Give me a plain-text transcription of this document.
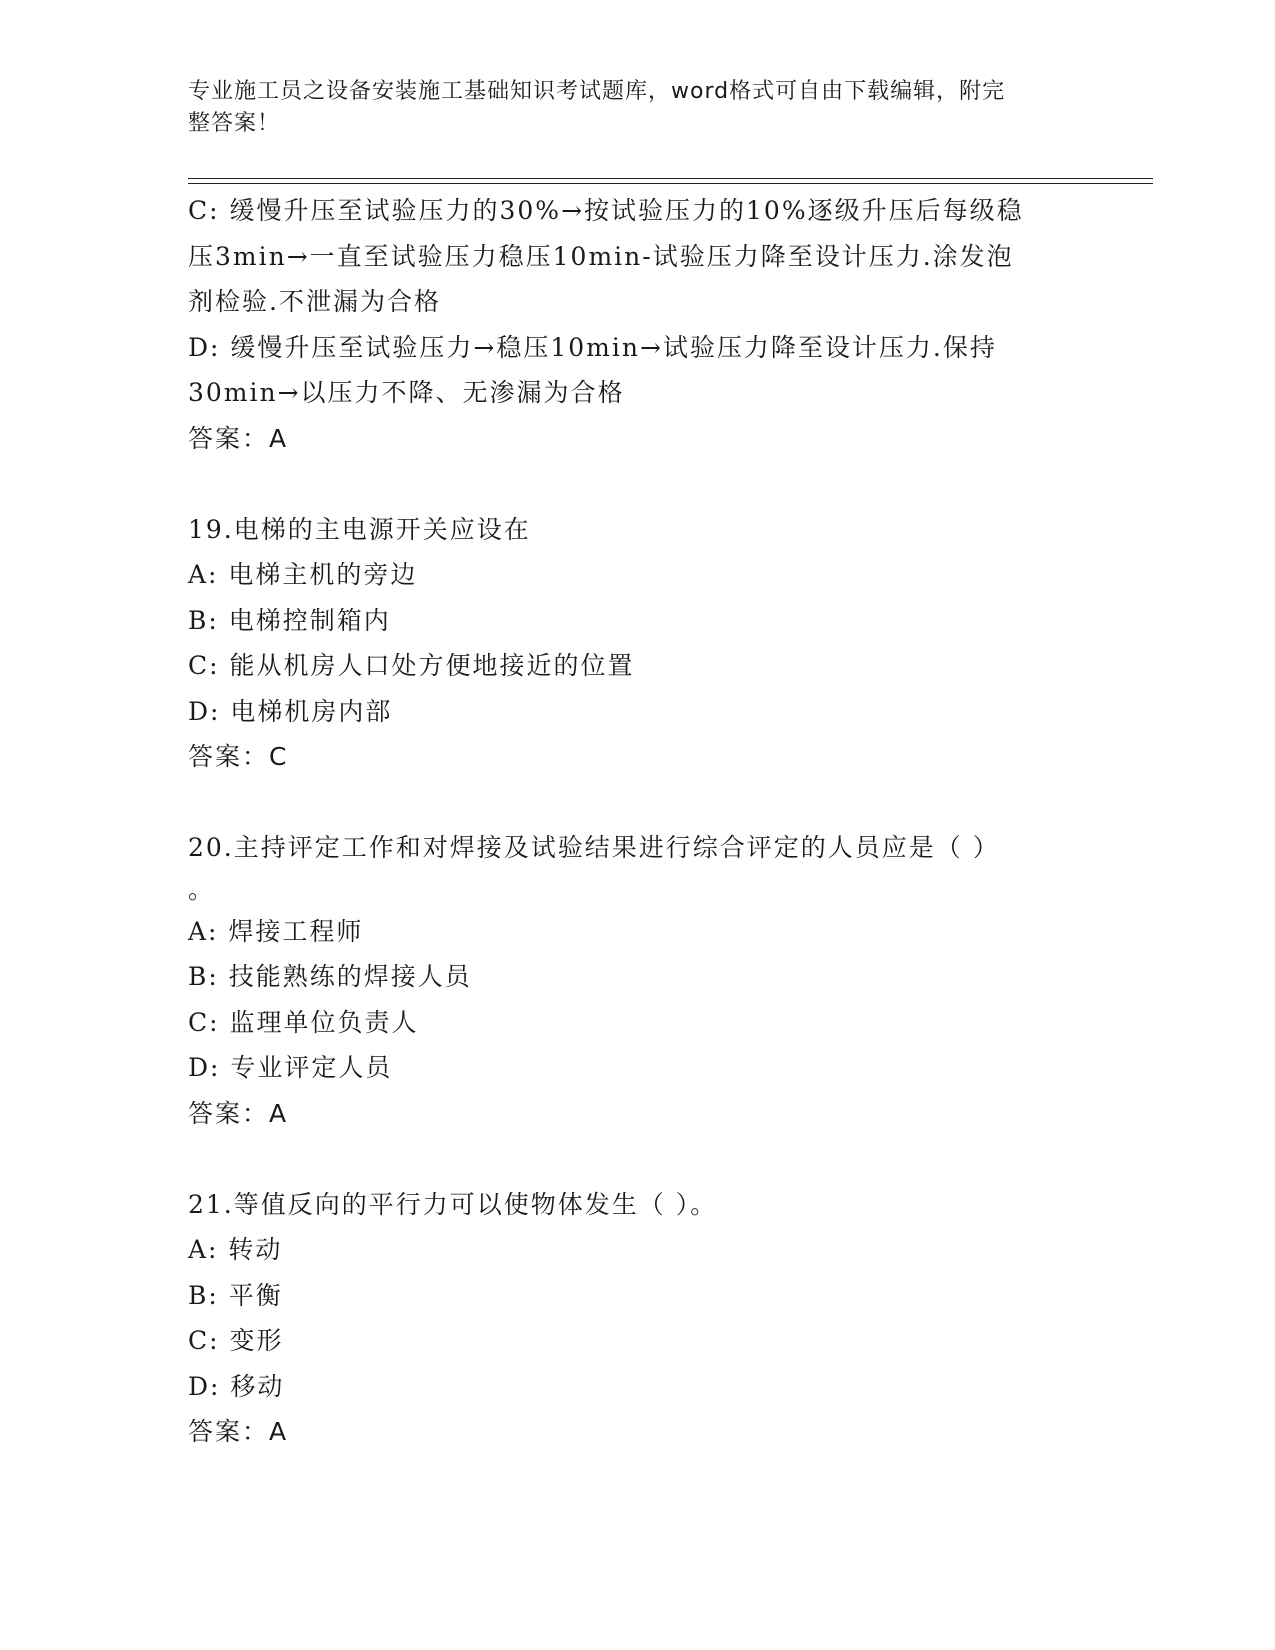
专业施工员之设备安装施工基础知识考试题库，word格式可自由下载编辑，附完
整答案！
C: 缓慢升压至试验压力的30%→按试验压力的10%逐级升压后每级稳
压3min→一直至试验压力稳压10min-试验压力降至设计压力.涂发泡
剂检验.不泄漏为合格
D: 缓慢升压至试验压力→稳压10min→试验压力降至设计压力.保持
30min→以压力不降、无渗漏为合格
答案：A
19.电梯的主电源开关应设在
A: 电梯主机的旁边
B: 电梯控制箱内
C: 能从机房人口处方便地接近的位置
D: 电梯机房内部
答案：C
20.主持评定工作和对焊接及试验结果进行综合评定的人员应是（ ）
。
A: 焊接工程师
B: 技能熟练的焊接人员
C: 监理单位负责人
D: 专业评定人员
答案：A
21.等值反向的平行力可以使物体发生（ ）。
A: 转动
B: 平衡
C: 变形
D: 移动
答案：A
